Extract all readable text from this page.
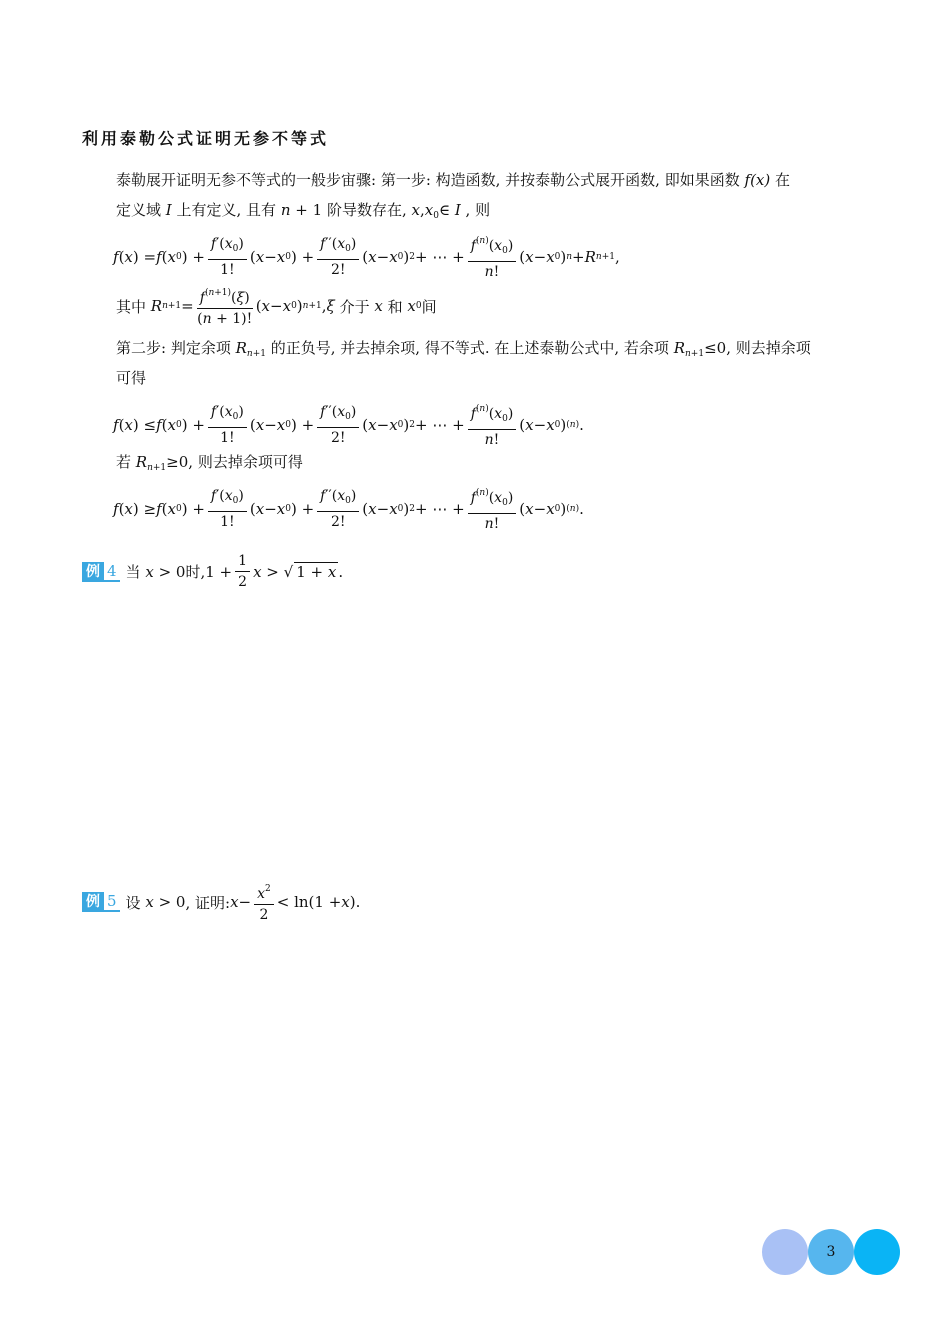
利用泰勒公式证明无参不等式
泰勒展开证明无参不等式的一般步宙骤: 第一步: 构造函数, 并按泰勒公式展开函数, 即如果函数 f(x) 在
定义域 I 上有定义, 且有 n + 1 阶导数存在, $x,x_0\in$ I , 则
f ( x ) = f ( x 0 ) + $\frac{f'(x_0)}{1!}$ ( x − x 0 ) + $\frac{f''(x_0)}{2!}$ ( x − x 0 ) 2 + ⋯ + $\frac{f^{(n)}(x_0)}{n!}$ ( x − x 0 ) n + R n+1 ,
其中
R $n+1 = \frac{f^{(n+1)}(\xi)}{(n + 1)!}$ ( x − x 0 ) n+1 , ξ
介于
x
和
x 0 间
第二步: 判定余项 $R_{n+1}$ 的正负号, 并去掉余项, 得不等式. 在上述泰勒公式中, 若余项 $R_{n+1}\le 0$, 则去掉余项
可得
f ( x ) ≤ f ( x 0 ) + $\frac{f'(x_0)}{1!}$ ( x − x 0 ) + $\frac{f''(x_0)}{2!}$ ( x − x 0 ) 2 + ⋯ + $\frac{f^{(n)}(x_0)}{n!}$ ( x − x 0 ) (n) .
若 $R_{n+1}\ge 0$, 则去掉余项可得
f ( x ) ≥ f ( x 0 ) + $\frac{f'(x_0)}{1!}$ ( x − x 0 ) + $\frac{f''(x_0)}{2!}$ ( x − x 0 ) 2 + ⋯ + $\frac{f^{(n)}(x_0)}{n!}$ ( x − x 0 ) (n) .
例 4 当
x > 0 时, $1 + \frac{1}{2}$ x > √ 1 + x .
例 5 设
x > 0 , 证明: $x - \frac{x^2}{2} < \ln(1 + x$ ).
3
